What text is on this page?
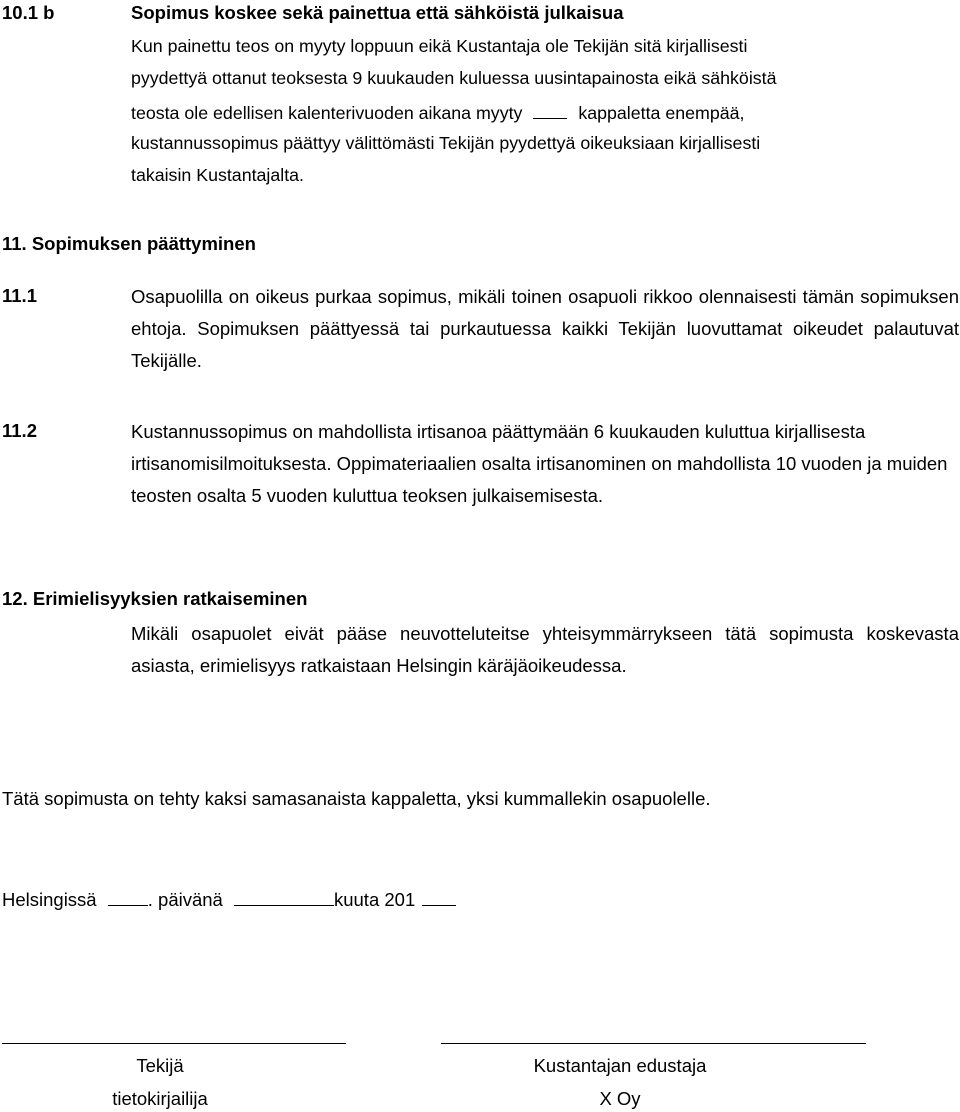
10.1 b	Sopimus koskee sekä painettua että sähköistä julkaisua
Kun painettu teos on myyty loppuun eikä Kustantaja ole Tekijän sitä kirjallisesti
pyydettyä ottanut teoksesta 9 kuukauden kuluessa uusintapainosta eikä sähköistä
teosta ole edellisen kalenterivuoden aikana myyty	kappaletta enempää,
kustannussopimus päättyy välittömästi Tekijän pyydettyä oikeuksiaan kirjallisesti
takaisin Kustantajalta.
11. Sopimuksen päättyminen
11.1	Osapuolilla on oikeus purkaa sopimus, mikäli toinen osapuoli rikkoo olennaisesti tämän sopimuksen ehtoja. Sopimuksen päättyessä tai purkautuessa kaikki Tekijän luovuttamat oikeudet palautuvat Tekijälle.
11.2	Kustannussopimus on mahdollista irtisanoa päättymään 6 kuukauden kuluttua kirjallisesta irtisanomisilmoituksesta. Oppimateriaalien osalta irtisanominen on mahdollista 10 vuoden ja muiden teosten osalta 5 vuoden kuluttua teoksen julkaisemisesta.
12. Erimielisyyksien ratkaiseminen
Mikäli osapuolet eivät pääse neuvotteluteitse yhteisymmärrykseen tätä sopimusta koskevasta asiasta, erimielisyys ratkaistaan Helsingin käräjäoikeudessa.
Tätä sopimusta on tehty kaksi samasanaista kappaletta, yksi kummallekin osapuolelle.
Helsingissä	. päivänä	kuuta 201
Tekijä
tietokirjailija
Kustantajan edustaja
X Oy
